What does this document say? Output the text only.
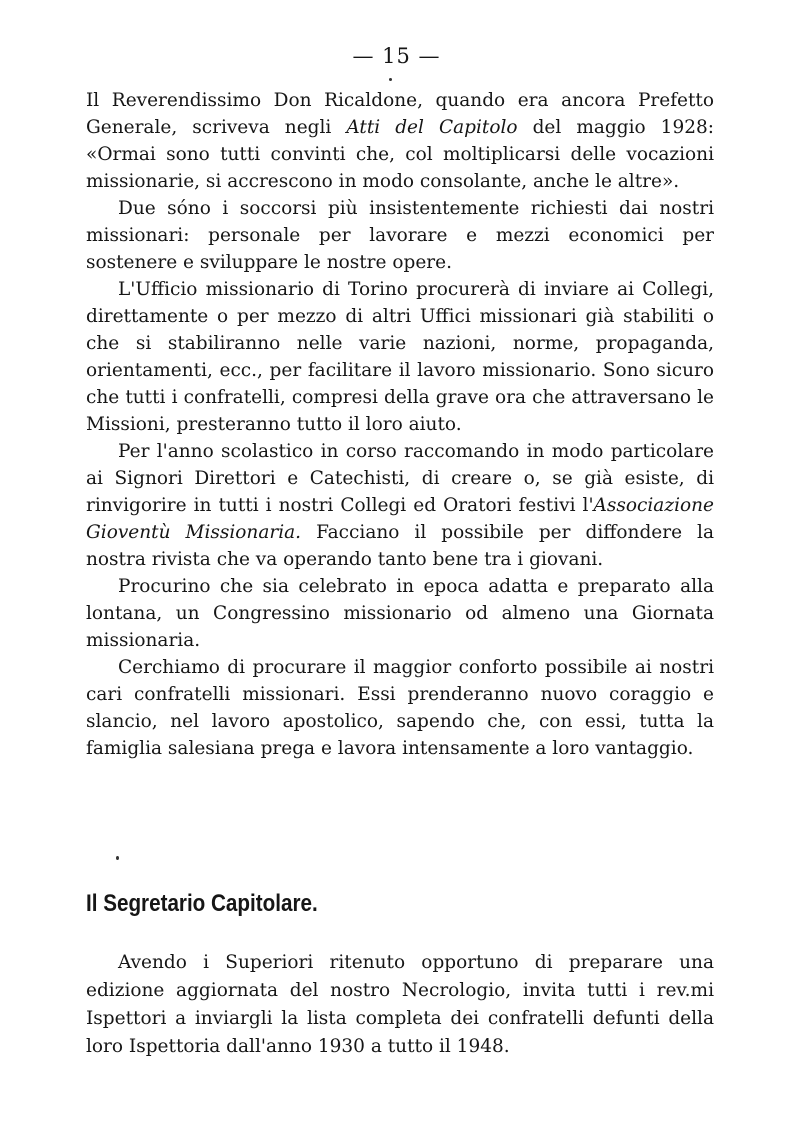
— 15 —

Il Reverendissimo Don Ricaldone, quando era ancora Prefetto Generale, scriveva negli Atti del Capitolo del maggio 1928: «Ormai sono tutti convinti che, col moltiplicarsi delle vocazioni missionarie, si accrescono in modo consolante, anche le altre».

Due sóno i soccorsi più insistentemente richiesti dai nostri missionari: personale per lavorare e mezzi economici per sostenere e sviluppare le nostre opere.

L'Ufficio missionario di Torino procurerà di inviare ai Collegi, direttamente o per mezzo di altri Uffici missionari già stabiliti o che si stabiliranno nelle varie nazioni, norme, propaganda, orientamenti, ecc., per facilitare il lavoro missionario. Sono sicuro che tutti i confratelli, compresi della grave ora che attraversano le Missioni, presteranno tutto il loro aiuto.

Per l'anno scolastico in corso raccomando in modo particolare ai Signori Direttori e Catechisti, di creare o, se già esiste, di rinvigorire in tutti i nostri Collegi ed Oratori festivi l'Associazione Gioventù Missionaria. Facciano il possibile per diffondere la nostra rivista che va operando tanto bene tra i giovani.

Procurino che sia celebrato in epoca adatta e preparato alla lontana, un Congressino missionario od almeno una Giornata missionaria.

Cerchiamo di procurare il maggior conforto possibile ai nostri cari confratelli missionari. Essi prenderanno nuovo coraggio e slancio, nel lavoro apostolico, sapendo che, con essi, tutta la famiglia salesiana prega e lavora intensamente a loro vantaggio.

Il Segretario Capitolare.

Avendo i Superiori ritenuto opportuno di preparare una edizione aggiornata del nostro Necrologio, invita tutti i rev.mi Ispettori a inviargli la lista completa dei confratelli defunti della loro Ispettoria dall'anno 1930 a tutto il 1948.
